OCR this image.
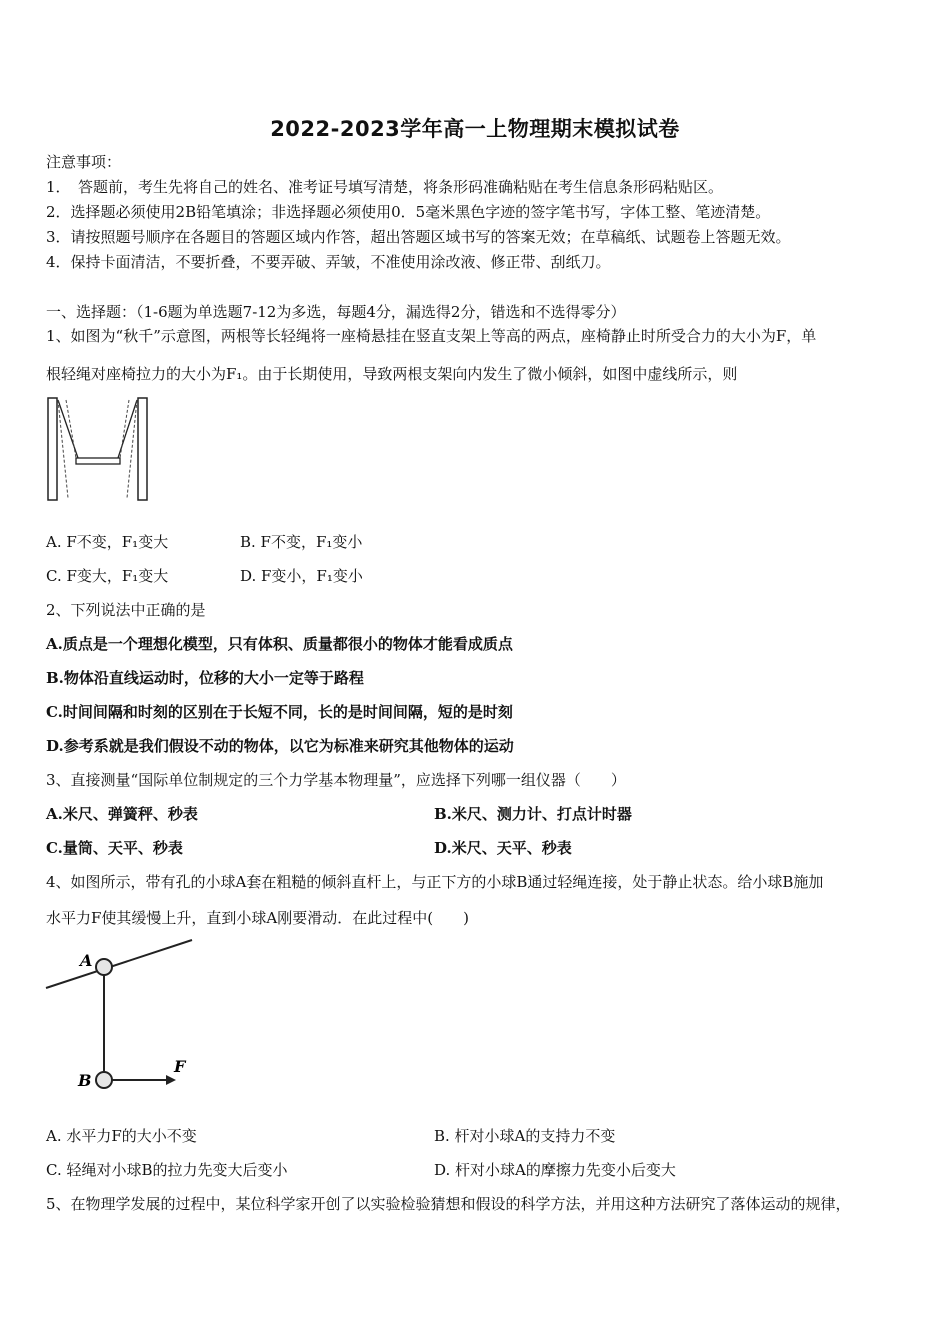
2022-2023学年高一上物理期末模拟试卷
注意事项：
1．　答题前，考生先将自己的姓名、准考证号填写清楚，将条形码准确粘贴在考生信息条形码粘贴区。
2．选择题必须使用2B铅笔填涂；非选择题必须使用0．5毫米黑色字迹的签字笔书写，字体工整、笔迹清楚。
3．请按照题号顺序在各题目的答题区域内作答，超出答题区域书写的答案无效；在草稿纸、试题卷上答题无效。
4．保持卡面清洁，不要折叠，不要弄破、弄皱，不准使用涂改液、修正带、刮纸刀。
一、选择题：（1-6题为单选题7-12为多选，每题4分，漏选得2分，错选和不选得零分）
1、如图为“秋千”示意图，两根等长轻绳将一座椅悬挂在竖直支架上等高的两点，座椅静止时所受合力的大小为F，单
根轻绳对座椅拉力的大小为F₁。由于长期使用，导致两根支架向内发生了微小倾斜，如图中虚线所示，则
A. F不变，F₁变大	B. F不变，F₁变小
C. F变大，F₁变大	D. F变小，F₁变小
2、下列说法中正确的是
A.质点是一个理想化模型，只有体积、质量都很小的物体才能看成质点
B.物体沿直线运动时，位移的大小一定等于路程
C.时间间隔和时刻的区别在于长短不同，长的是时间间隔，短的是时刻
D.参考系就是我们假设不动的物体，以它为标准来研究其他物体的运动
3、直接测量“国际单位制规定的三个力学基本物理量”，应选择下列哪一组仪器（　　）
A.米尺、弹簧秤、秒表	B.米尺、测力计、打点计时器
C.量筒、天平、秒表	D.米尺、天平、秒表
4、如图所示，带有孔的小球A套在粗糙的倾斜直杆上，与正下方的小球B通过轻绳连接，处于静止状态。给小球B施加
水平力F使其缓慢上升，直到小球A刚要滑动．在此过程中(　　)
A
B
F
A. 水平力F的大小不变	B. 杆对小球A的支持力不变
C. 轻绳对小球B的拉力先变大后变小	D. 杆对小球A的摩擦力先变小后变大
5、在物理学发展的过程中，某位科学家开创了以实验检验猜想和假设的科学方法，并用这种方法研究了落体运动的规律，
